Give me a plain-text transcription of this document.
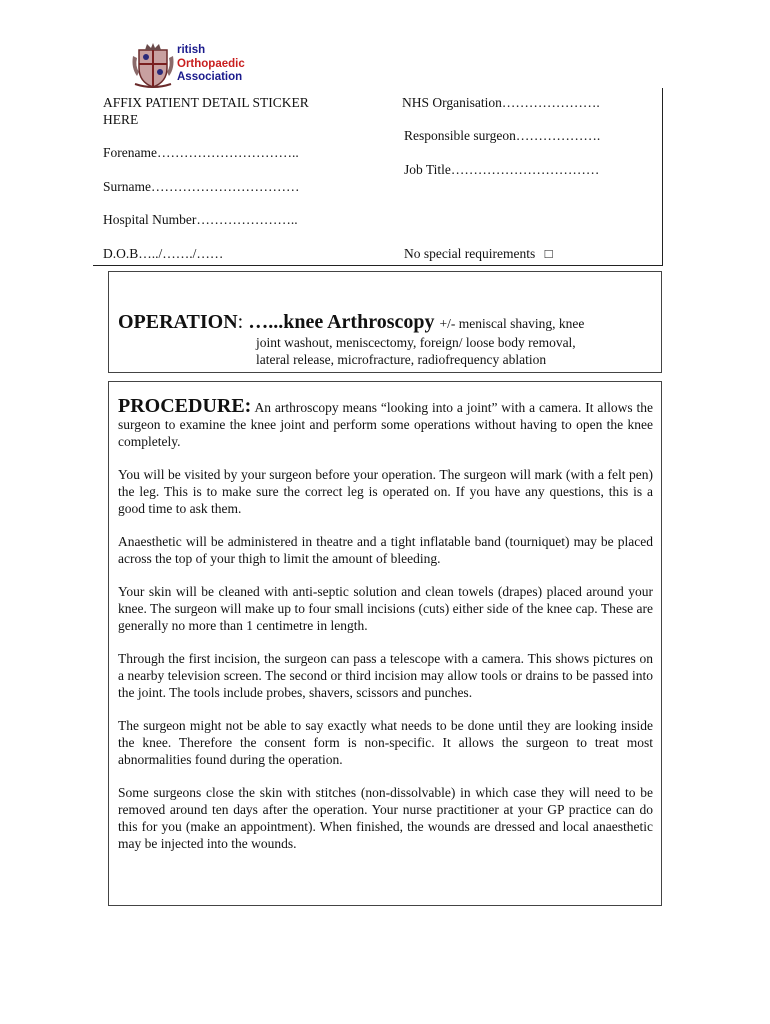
ritish
Orthopaedic
Association
AFFIX PATIENT DETAIL STICKER
HERE
Forename…………………………..
Surname……………………………
Hospital Number…………………..
D.O.B…../……./……
NHS Organisation………………….
Responsible surgeon……………….
Job Title……………………………
No special requirements □
OPERATION: …...knee Arthroscopy +/- meniscal shaving, knee
joint washout, meniscectomy, foreign/ loose body removal,
lateral release, microfracture, radiofrequency ablation

PROCEDURE: An arthroscopy means “looking into a joint” with a camera. It allows the surgeon to examine the knee joint and perform some operations without having to open the knee completely.

You will be visited by your surgeon before your operation. The surgeon will mark (with a felt pen) the leg. This is to make sure the correct leg is operated on. If you have any questions, this is a good time to ask them.

Anaesthetic will be administered in theatre and a tight inflatable band (tourniquet) may be placed across the top of your thigh to limit the amount of bleeding.

Your skin will be cleaned with anti-septic solution and clean towels (drapes) placed around your knee. The surgeon will make up to four small incisions (cuts) either side of the knee cap. These are generally no more than 1 centimetre in length.

Through the first incision, the surgeon can pass a telescope with a camera. This shows pictures on a nearby television screen. The second or third incision may allow tools or drains to be passed into the joint. The tools include probes, shavers, scissors and punches.

The surgeon might not be able to say exactly what needs to be done until they are looking inside the knee. Therefore the consent form is non-specific. It allows the surgeon to treat most abnormalities found during the operation.

Some surgeons close the skin with stitches (non-dissolvable) in which case they will need to be removed around ten days after the operation. Your nurse practitioner at your GP practice can do this for you (make an appointment). When finished, the wounds are dressed and local anaesthetic may be injected into the wounds.
